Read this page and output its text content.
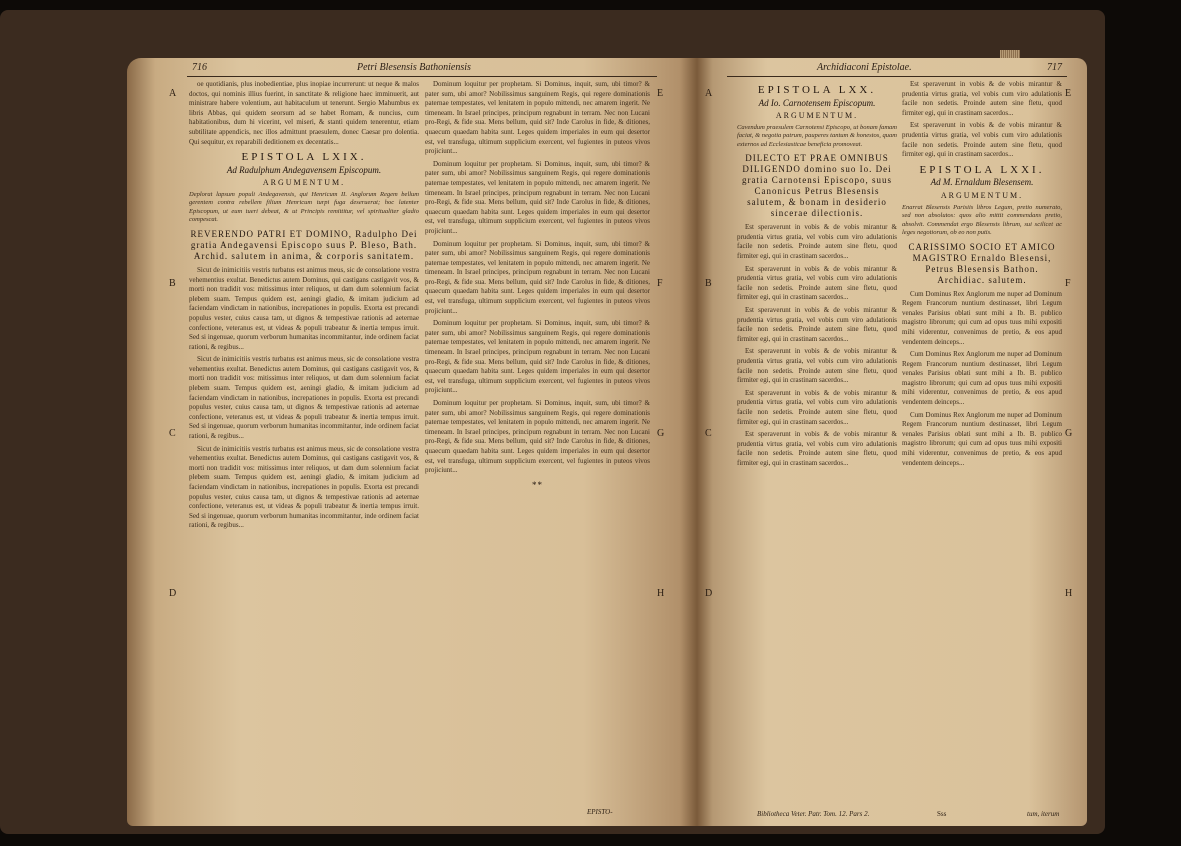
716	Petri Blesensis Bathoniensis
A
B
C
D
E
F
G
H

oe quotidianis, plus inobedientiae, plus inopiae incurrerunt: ut neque & malos doctos, qui nominis illius fuerint, in sanctitate & religione haec imminuerit, aut ministrare habere volentium, aut habitaculum ut tenerunt. Sergio Mahumbus ex libris Abbas, qui quidem seorsum ad se habet Romam, & nuncius, cum habitationibus, dum hi vicerint, vel miseri, & stanti quidem tenerentur, etiam subtilitate appendicis, nec illos admittunt praesulem, donec Caesar pro dolentia. Qui sequitur, ex reparabili deditionem ex decentatis...

EPISTOLA LXIX.
Ad Radulphum Andegavensem Episcopum.
ARGUMENTUM.
Deplorat lapsum populi Andegavensis, qui Henricum II. Anglorum Regem bellum gerentem contra rebellem filium Henricum turpi fuga deseruerat; hoc latenter Episcopum, ut eum tueri debeat, & ut Principis remittitur, vel spiritualiter gladio compescat.
REVERENDO PATRI ET DOMINO, Radulpho Dei gratia Andegavensi Episcopo suus P. Bleso, Bath. Archid. salutem in anima, & corporis sanitatem.

Sicut de inimicitiis vestris turbatus est animus meus, sic de consolatione vestra vehementius exultat. Benedictus autem Dominus, qui castigans castigavit vos, & morti non tradidit vos: mitissimus inter reliquos, ut dam dum solennium faciat plebem suam. Tempus quidem est, aeningi gladio, & imitam judicium ad faciendam vindictam in nationibus, increpationes in populis. Exorta est precandi populus vester, cuius causa tam, ut dignos & tempestivae rationis ad aeternae confectione, veteranus est, ut videas & populi trabeatur & inertia tempus irruit. Sed si ingenuae, quorum verborum humanitas incommitantur, inde ordinem faciat rationi, & regibus...

Sicut de inimicitiis vestris turbatus est animus meus, sic de consolatione vestra vehementius exultat. Benedictus autem Dominus, qui castigans castigavit vos, & morti non tradidit vos: mitissimus inter reliquos, ut dam dum solennium faciat plebem suam. Tempus quidem est, aeningi gladio, & imitam judicium ad faciendam vindictam in nationibus, increpationes in populis. Exorta est precandi populus vester, cuius causa tam, ut dignos & tempestivae rationis ad aeternae confectione, veteranus est, ut videas & populi trabeatur & inertia tempus irruit. Sed si ingenuae, quorum verborum humanitas incommitantur, inde ordinem faciat rationi, & regibus...

Sicut de inimicitiis vestris turbatus est animus meus, sic de consolatione vestra vehementius exultat. Benedictus autem Dominus, qui castigans castigavit vos, & morti non tradidit vos: mitissimus inter reliquos, ut dam dum solennium faciat plebem suam. Tempus quidem est, aeningi gladio, & imitam judicium ad faciendam vindictam in nationibus, increpationes in populis. Exorta est precandi populus vester, cuius causa tam, ut dignos & tempestivae rationis ad aeternae confectione, veteranus est, ut videas & populi trabeatur & inertia tempus irruit. Sed si ingenuae, quorum verborum humanitas incommitantur, inde ordinem faciat rationi, & regibus...

Dominum loquitur per prophetam. Si Dominus, inquit, sum, ubi timor? & pater sum, ubi amor? Nobilissimus sanguinem Regis, qui regere dominationis paternae tempestates, vel lenitatem in populo mittendi, nec amarem ingerit. Ne timeneam. In Israel principes, principum regnabunt in terram. Nec non Lucani pro-Regi, & fide sua. Mens bellum, quid sit? Inde Carolus in fide, & ditiones, quaecum quaedam habita sunt. Leges quidem imperiales in eum qui desertor est, vel transfuga, ultimum supplicium exercent, vel fugientes in puteos vivos projiciunt...

Dominum loquitur per prophetam. Si Dominus, inquit, sum, ubi timor? & pater sum, ubi amor? Nobilissimus sanguinem Regis, qui regere dominationis paternae tempestates, vel lenitatem in populo mittendi, nec amarem ingerit. Ne timeneam. In Israel principes, principum regnabunt in terram. Nec non Lucani pro-Regi, & fide sua. Mens bellum, quid sit? Inde Carolus in fide, & ditiones, quaecum quaedam habita sunt. Leges quidem imperiales in eum qui desertor est, vel transfuga, ultimum supplicium exercent, vel fugientes in puteos vivos projiciunt...

Dominum loquitur per prophetam. Si Dominus, inquit, sum, ubi timor? & pater sum, ubi amor? Nobilissimus sanguinem Regis, qui regere dominationis paternae tempestates, vel lenitatem in populo mittendi, nec amarem ingerit. Ne timeneam. In Israel principes, principum regnabunt in terram. Nec non Lucani pro-Regi, & fide sua. Mens bellum, quid sit? Inde Carolus in fide, & ditiones, quaecum quaedam habita sunt. Leges quidem imperiales in eum qui desertor est, vel transfuga, ultimum supplicium exercent, vel fugientes in puteos vivos projiciunt...

Dominum loquitur per prophetam. Si Dominus, inquit, sum, ubi timor? & pater sum, ubi amor? Nobilissimus sanguinem Regis, qui regere dominationis paternae tempestates, vel lenitatem in populo mittendi, nec amarem ingerit. Ne timeneam. In Israel principes, principum regnabunt in terram. Nec non Lucani pro-Regi, & fide sua. Mens bellum, quid sit? Inde Carolus in fide, & ditiones, quaecum quaedam habita sunt. Leges quidem imperiales in eum qui desertor est, vel transfuga, ultimum supplicium exercent, vel fugientes in puteos vivos projiciunt...

Dominum loquitur per prophetam. Si Dominus, inquit, sum, ubi timor? & pater sum, ubi amor? Nobilissimus sanguinem Regis, qui regere dominationis paternae tempestates, vel lenitatem in populo mittendi, nec amarem ingerit. Ne timeneam. In Israel principes, principum regnabunt in terram. Nec non Lucani pro-Regi, & fide sua. Mens bellum, quid sit? Inde Carolus in fide, & ditiones, quaecum quaedam habita sunt. Leges quidem imperiales in eum qui desertor est, vel transfuga, ultimum supplicium exercent, vel fugientes in puteos vivos projiciunt...

**
EPISTO-
Archidiaconi Epistolae.	717
A
B
C
D
E
F
G
H
EPISTOLA LXX.
Ad Io. Carnotensem Episcopum.
ARGUMENTUM.
Cavendum praesulem Carnotensi Episcopo, ut bonam famam faciat, & negotia patrum, pauperes tantum & honestos, quam externos ad Ecclesiasticae beneficia promoveat.
DILECTO ET PRAE OMNIBUS DILIGENDO domino suo Io. Dei gratia Carnotensi Episcopo, suus Canonicus Petrus Blesensis salutem, & bonam in desiderio sincerae dilectionis.

Est speraverunt in vobis & de vobis mirantur & prudentia virtus gratia, vel vobis cum viro adulationis facile non sedetis. Proinde autem sine fletu, quod firmiter egi, qui in crastinam sacerdos...

Est speraverunt in vobis & de vobis mirantur & prudentia virtus gratia, vel vobis cum viro adulationis facile non sedetis. Proinde autem sine fletu, quod firmiter egi, qui in crastinam sacerdos...

Est speraverunt in vobis & de vobis mirantur & prudentia virtus gratia, vel vobis cum viro adulationis facile non sedetis. Proinde autem sine fletu, quod firmiter egi, qui in crastinam sacerdos...

Est speraverunt in vobis & de vobis mirantur & prudentia virtus gratia, vel vobis cum viro adulationis facile non sedetis. Proinde autem sine fletu, quod firmiter egi, qui in crastinam sacerdos...

Est speraverunt in vobis & de vobis mirantur & prudentia virtus gratia, vel vobis cum viro adulationis facile non sedetis. Proinde autem sine fletu, quod firmiter egi, qui in crastinam sacerdos...

Est speraverunt in vobis & de vobis mirantur & prudentia virtus gratia, vel vobis cum viro adulationis facile non sedetis. Proinde autem sine fletu, quod firmiter egi, qui in crastinam sacerdos...

Est speraverunt in vobis & de vobis mirantur & prudentia virtus gratia, vel vobis cum viro adulationis facile non sedetis. Proinde autem sine fletu, quod firmiter egi, qui in crastinam sacerdos...

Est speraverunt in vobis & de vobis mirantur & prudentia virtus gratia, vel vobis cum viro adulationis facile non sedetis. Proinde autem sine fletu, quod firmiter egi, qui in crastinam sacerdos...

EPISTOLA LXXI.
Ad M. Ernaldum Blesensem.
ARGUMENTUM.
Enarrat Blesensis Parisiis libros Legum, pretio numerato, sed non absolutos: quos alio mittit commendans pretio, absolvit. Commendat ergo Blesensis librum, sui scilicet ac leges negotiorum, ob eo non putis.
CARISSIMO SOCIO ET AMICO MAGISTRO Ernaldo Blesensi, Petrus Blesensis Bathon. Archidiac. salutem.

Cum Dominus Rex Anglorum me nuper ad Dominum Regem Francorum nuntium destinasset, libri Legum venales Parisius oblati sunt mihi a Ib. B. publico magistro librorum; qui cum ad opus tuus mihi expositi mihi viderentur, convenimus de pretio, & eos apud vendentem deinceps...

Cum Dominus Rex Anglorum me nuper ad Dominum Regem Francorum nuntium destinasset, libri Legum venales Parisius oblati sunt mihi a Ib. B. publico magistro librorum; qui cum ad opus tuus mihi expositi mihi viderentur, convenimus de pretio, & eos apud vendentem deinceps...

Cum Dominus Rex Anglorum me nuper ad Dominum Regem Francorum nuntium destinasset, libri Legum venales Parisius oblati sunt mihi a Ib. B. publico magistro librorum; qui cum ad opus tuus mihi expositi mihi viderentur, convenimus de pretio, & eos apud vendentem deinceps...

Bibliotheca Veter. Patr. Tom. 12. Pars 2.	Sss	tum, iterum
